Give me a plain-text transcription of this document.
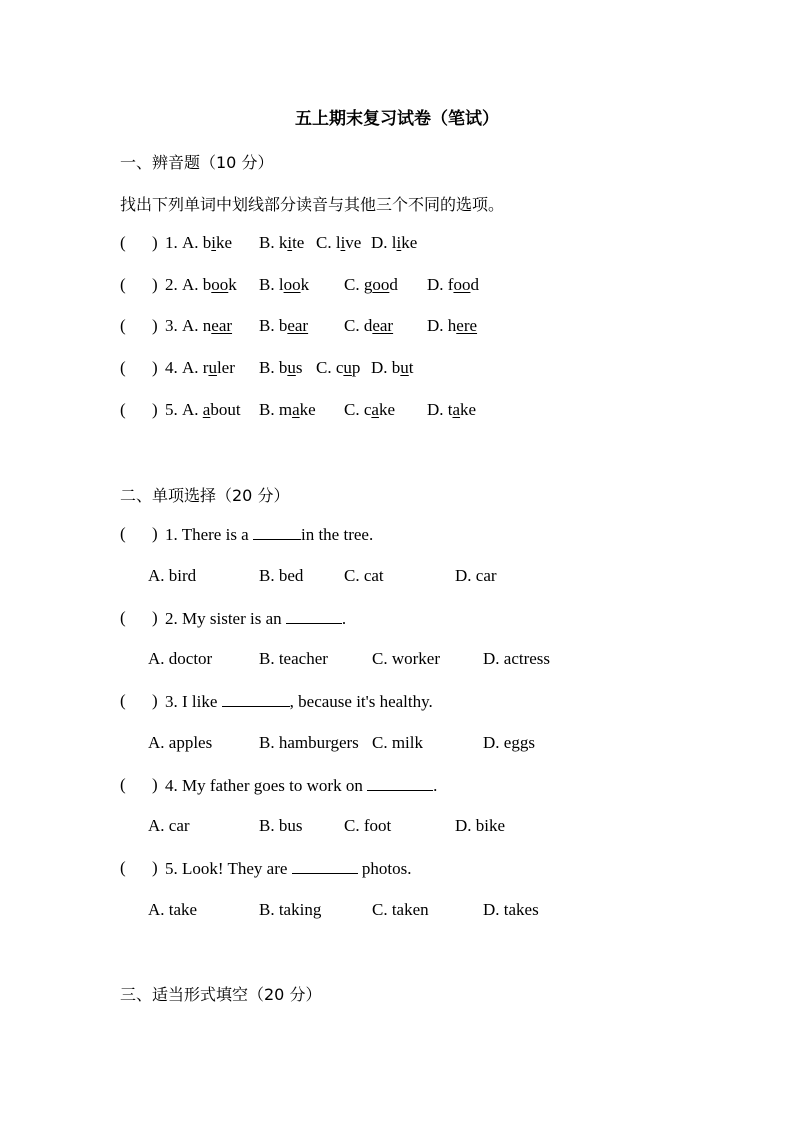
五上期末复习试卷（笔试）
一、辨音题（10 分）
找出下列单词中划线部分读音与其他三个不同的选项。
( ) 1. A. bike B. kite C. live D. like
( ) 2. A. book B. look C. good D. food
( ) 3. A. near B. bear C. dear D. here
( ) 4. A. ruler B. bus C. cup D. but
( ) 5. A. about B. make C. cake D. take
二、单项选择（20 分）
( ) 1. There is a	in the tree.
A. bird	B. bed C. cat	D. car
( ) 2. My sister is an	.
A. doctor	B. teacher	C. worker	D. actress
( ) 3. I like	, because it's healthy.
A. apples	B. hamburgers C. milk	D. eggs
( ) 4. My father goes to work on	.
A. car	B. bus C. foot	D. bike
( ) 5. Look! They are	photos.
A. take	B. taking	C. taken	D. takes
三、适当形式填空（20 分）
